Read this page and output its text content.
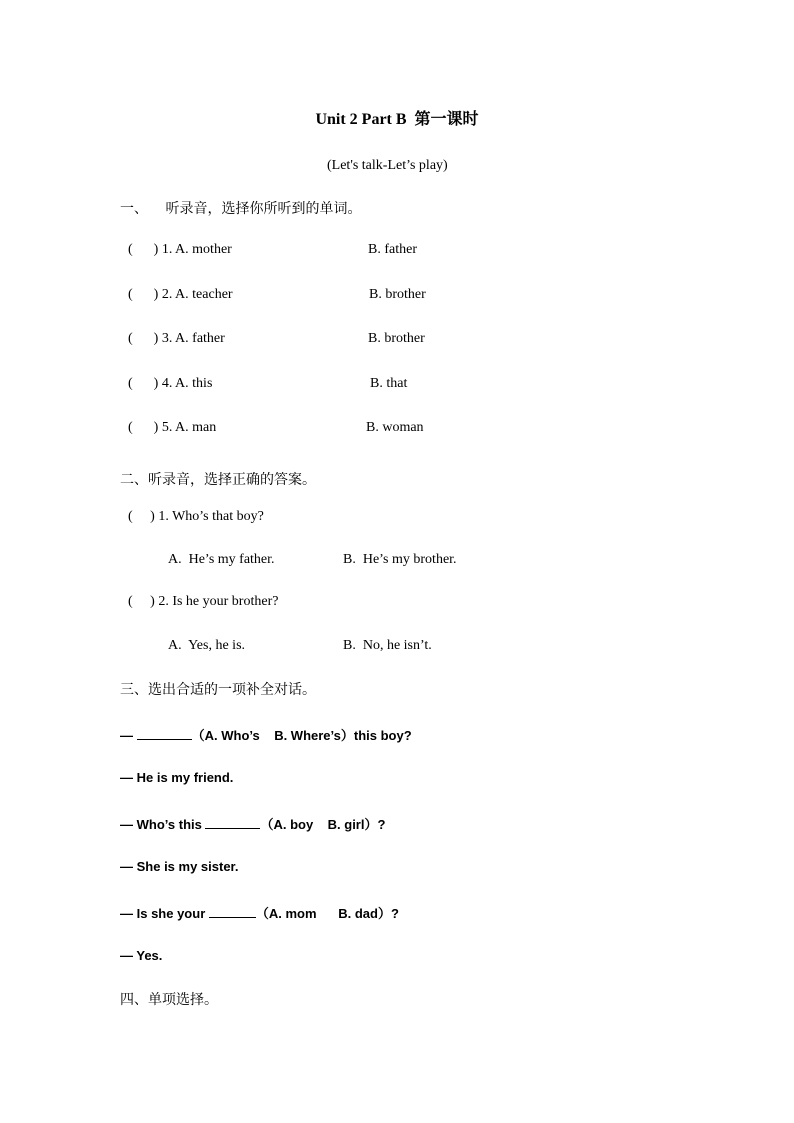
Unit 2 Part B  第一课时
(Let's talk-Let’s play)
一、     听录音，选择你所听到的单词。
(      ) 1. A. mother	B. father
(      ) 2. A. teacher	B. brother
(      ) 3. A. father	B. brother
(      ) 4. A. this	B. that
(      ) 5. A. man	B. woman
二、听录音，选择正确的答案。
(     ) 1. Who’s that boy?
A.  He’s my father.	B.  He’s my brother.
(     ) 2. Is he your brother?
A.  Yes, he is.	B.  No, he isn’t.
三、选出合适的一项补全对话。
—	（A. Who’s    B. Where’s）this boy?
— He is my friend.
— Who’s this	（A. boy    B. girl）?
— She is my sister.
— Is she your	（A. mom      B. dad）?
— Yes.
四、单项选择。
